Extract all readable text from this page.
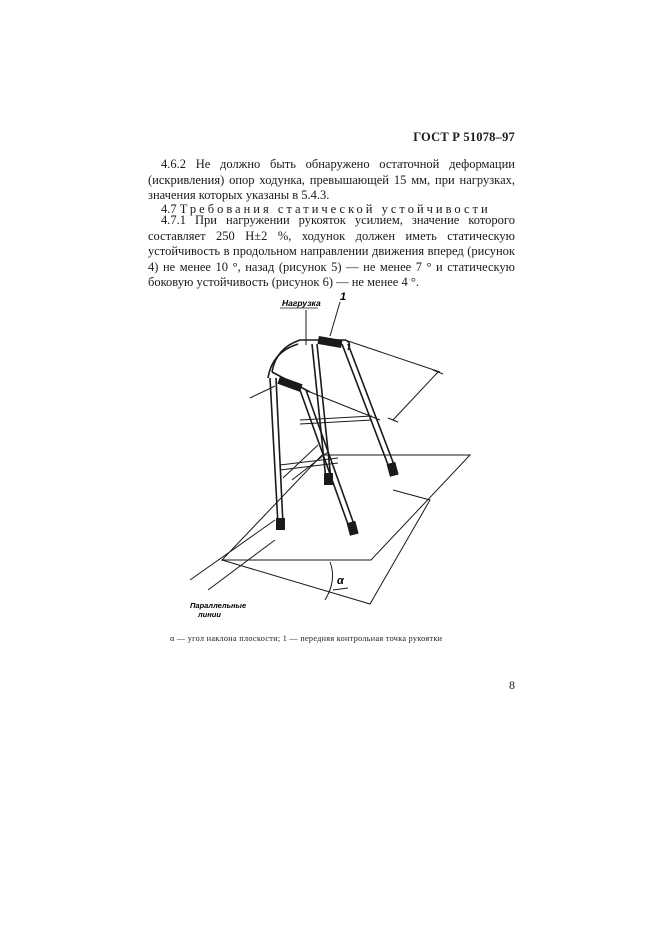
ГОСТ Р 51078–97

4.6.2 Не должно быть обнаружено остаточной деформации (искривления) опор ходунка, превышающей 15 мм, при нагрузках, значения которых указаны в 5.4.3.

4.7 Требования статической устойчивости

4.7.1 При нагружении рукояток усилием, значение которого составляет 250 Н±2 %, ходунок должен иметь статическую устойчивость в продольном направлении движения вперед (рисунок 4) не менее 10 °, назад (рисунок 5) — не менее 7 ° и статическую боковую устойчивость (рисунок 6) — не менее 4 °.

Нагрузка 1
α
Параллельные
линии
α — угол наклона плоскости; 1 — передняя контрольная точка рукоятки
8
